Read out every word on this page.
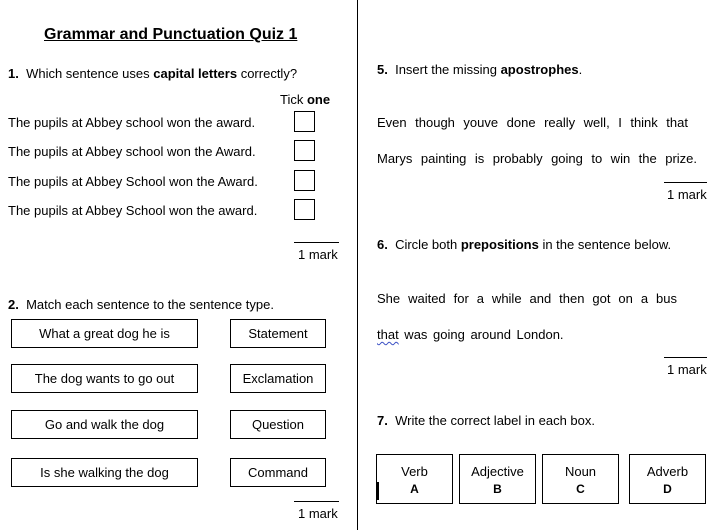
Grammar and Punctuation Quiz 1
1. Which sentence uses capital letters correctly?
Tick one
The pupils at Abbey school won the award.
The pupils at Abbey school won the Award.
The pupils at Abbey School won the Award.
The pupils at Abbey School won the award.
1 mark
2. Match each sentence to the sentence type.
What a great dog he is	Statement
The dog wants to go out	Exclamation
Go and walk the dog	Question
Is she walking the dog	Command
1 mark
5. Insert the missing apostrophes.
Even though youve done really well, I think that
Marys painting is probably going to win the prize.
1 mark
6. Circle both prepositions in the sentence below.
She waited for a while and then got on a bus
that was going around London.
1 mark
7. Write the correct label in each box.
Verb
A
Adjective
B
Noun
C
Adverb
D
